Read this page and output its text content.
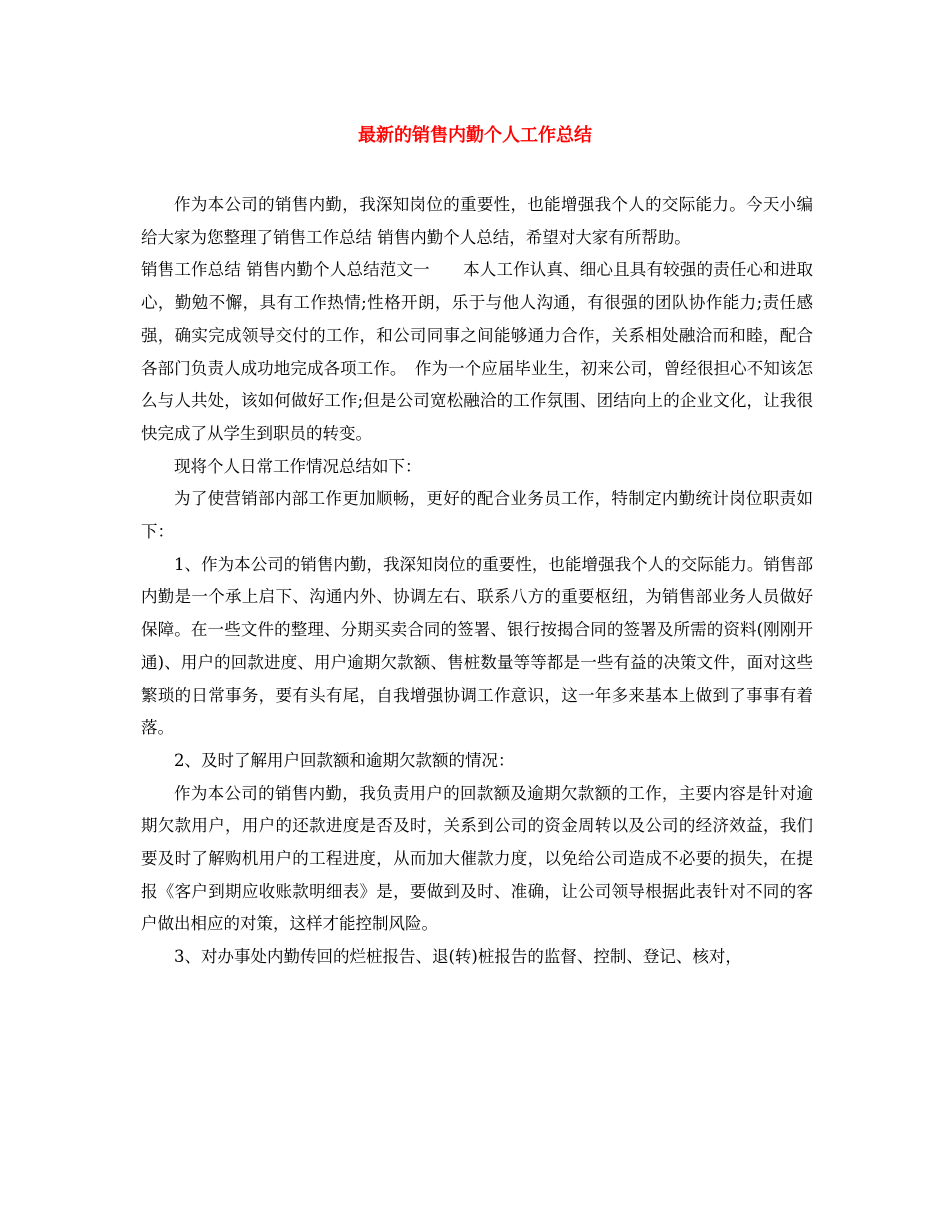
最新的销售内勤个人工作总结

作为本公司的销售内勤，我深知岗位的重要性，也能增强我个人的交际能力。今天小编给大家为您整理了销售工作总结 销售内勤个人总结，希望对大家有所帮助。

销售工作总结 销售内勤个人总结范文一　　本人工作认真、细心且具有较强的责任心和进取心，勤勉不懈，具有工作热情;性格开朗，乐于与他人沟通，有很强的团队协作能力;责任感强，确实完成领导交付的工作，和公司同事之间能够通力合作，关系相处融洽而和睦，配合各部门负责人成功地完成各项工作。　作为一个应届毕业生，初来公司，曾经很担心不知该怎么与人共处，该如何做好工作;但是公司宽松融洽的工作氛围、团结向上的企业文化，让我很快完成了从学生到职员的转变。

现将个人日常工作情况总结如下：

为了使营销部内部工作更加顺畅，更好的配合业务员工作，特制定内勤统计岗位职责如下：

1、作为本公司的销售内勤，我深知岗位的重要性，也能增强我个人的交际能力。销售部内勤是一个承上启下、沟通内外、协调左右、联系八方的重要枢纽，为销售部业务人员做好保障。在一些文件的整理、分期买卖合同的签署、银行按揭合同的签署及所需的资料(刚刚开通)、用户的回款进度、用户逾期欠款额、售桩数量等等都是一些有益的决策文件，面对这些繁琐的日常事务，要有头有尾，自我增强协调工作意识，这一年多来基本上做到了事事有着落。

2、及时了解用户回款额和逾期欠款额的情况：

作为本公司的销售内勤，我负责用户的回款额及逾期欠款额的工作，主要内容是针对逾期欠款用户，用户的还款进度是否及时，关系到公司的资金周转以及公司的经济效益，我们要及时了解购机用户的工程进度，从而加大催款力度，以免给公司造成不必要的损失，在提报《客户到期应收账款明细表》是，要做到及时、准确，让公司领导根据此表针对不同的客户做出相应的对策，这样才能控制风险。

3、对办事处内勤传回的烂桩报告、退(转)桩报告的监督、控制、登记、核对，
